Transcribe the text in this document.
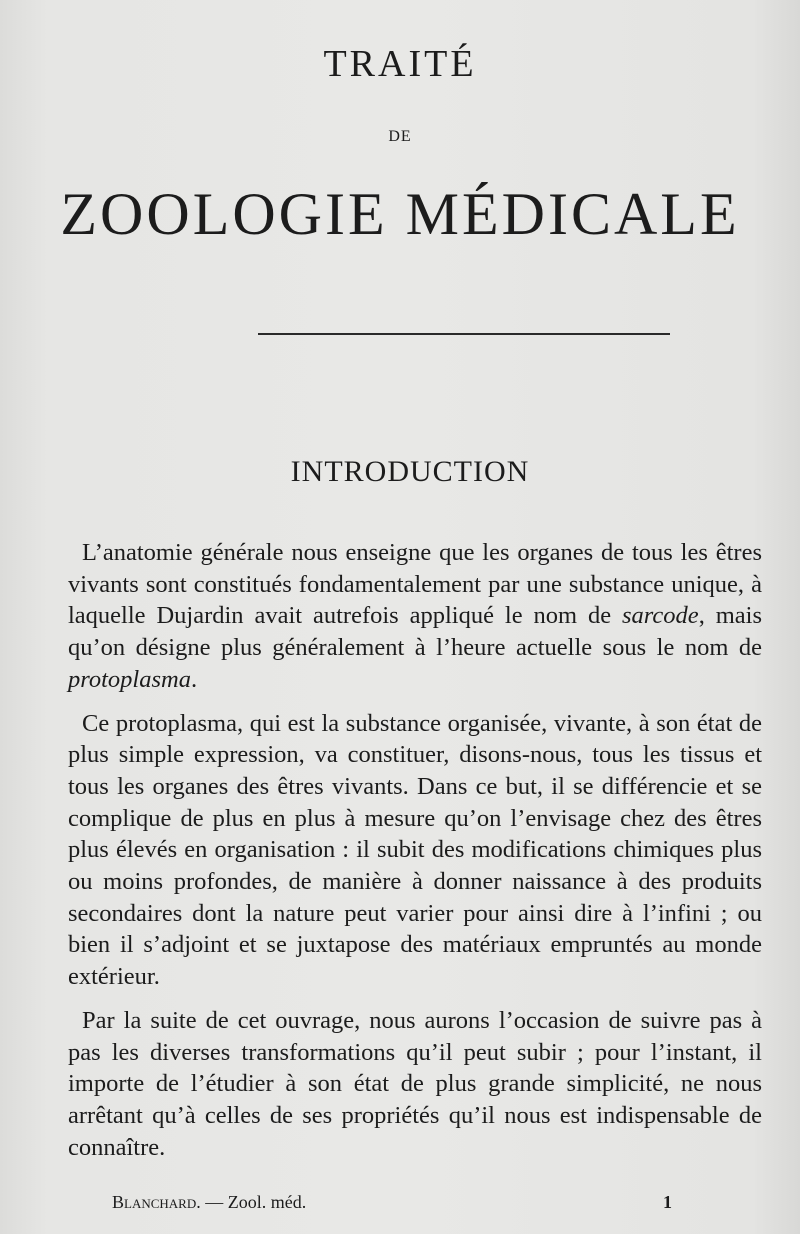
TRAITÉ
DE
ZOOLOGIE MÉDICALE
INTRODUCTION

L’anatomie générale nous enseigne que les organes de tous les êtres vivants sont constitués fondamentalement par une substance unique, à laquelle Dujardin avait autrefois appliqué le nom de sarcode, mais qu’on désigne plus généralement à l’heure actuelle sous le nom de protoplasma.

Ce protoplasma, qui est la substance organisée, vivante, à son état de plus simple expression, va constituer, disons-nous, tous les tissus et tous les organes des êtres vivants. Dans ce but, il se différencie et se complique de plus en plus à mesure qu’on l’envisage chez des êtres plus élevés en organisation : il subit des modifications chimiques plus ou moins profondes, de manière à donner naissance à des produits secondaires dont la nature peut varier pour ainsi dire à l’infini ; ou bien il s’adjoint et se juxtapose des matériaux empruntés au monde extérieur.

Par la suite de cet ouvrage, nous aurons l’occasion de suivre pas à pas les diverses transformations qu’il peut subir ; pour l’instant, il importe de l’étudier à son état de plus grande simplicité, ne nous arrêtant qu’à celles de ses propriétés qu’il nous est indispensable de connaître.

Blanchard. — Zool. méd.	1
